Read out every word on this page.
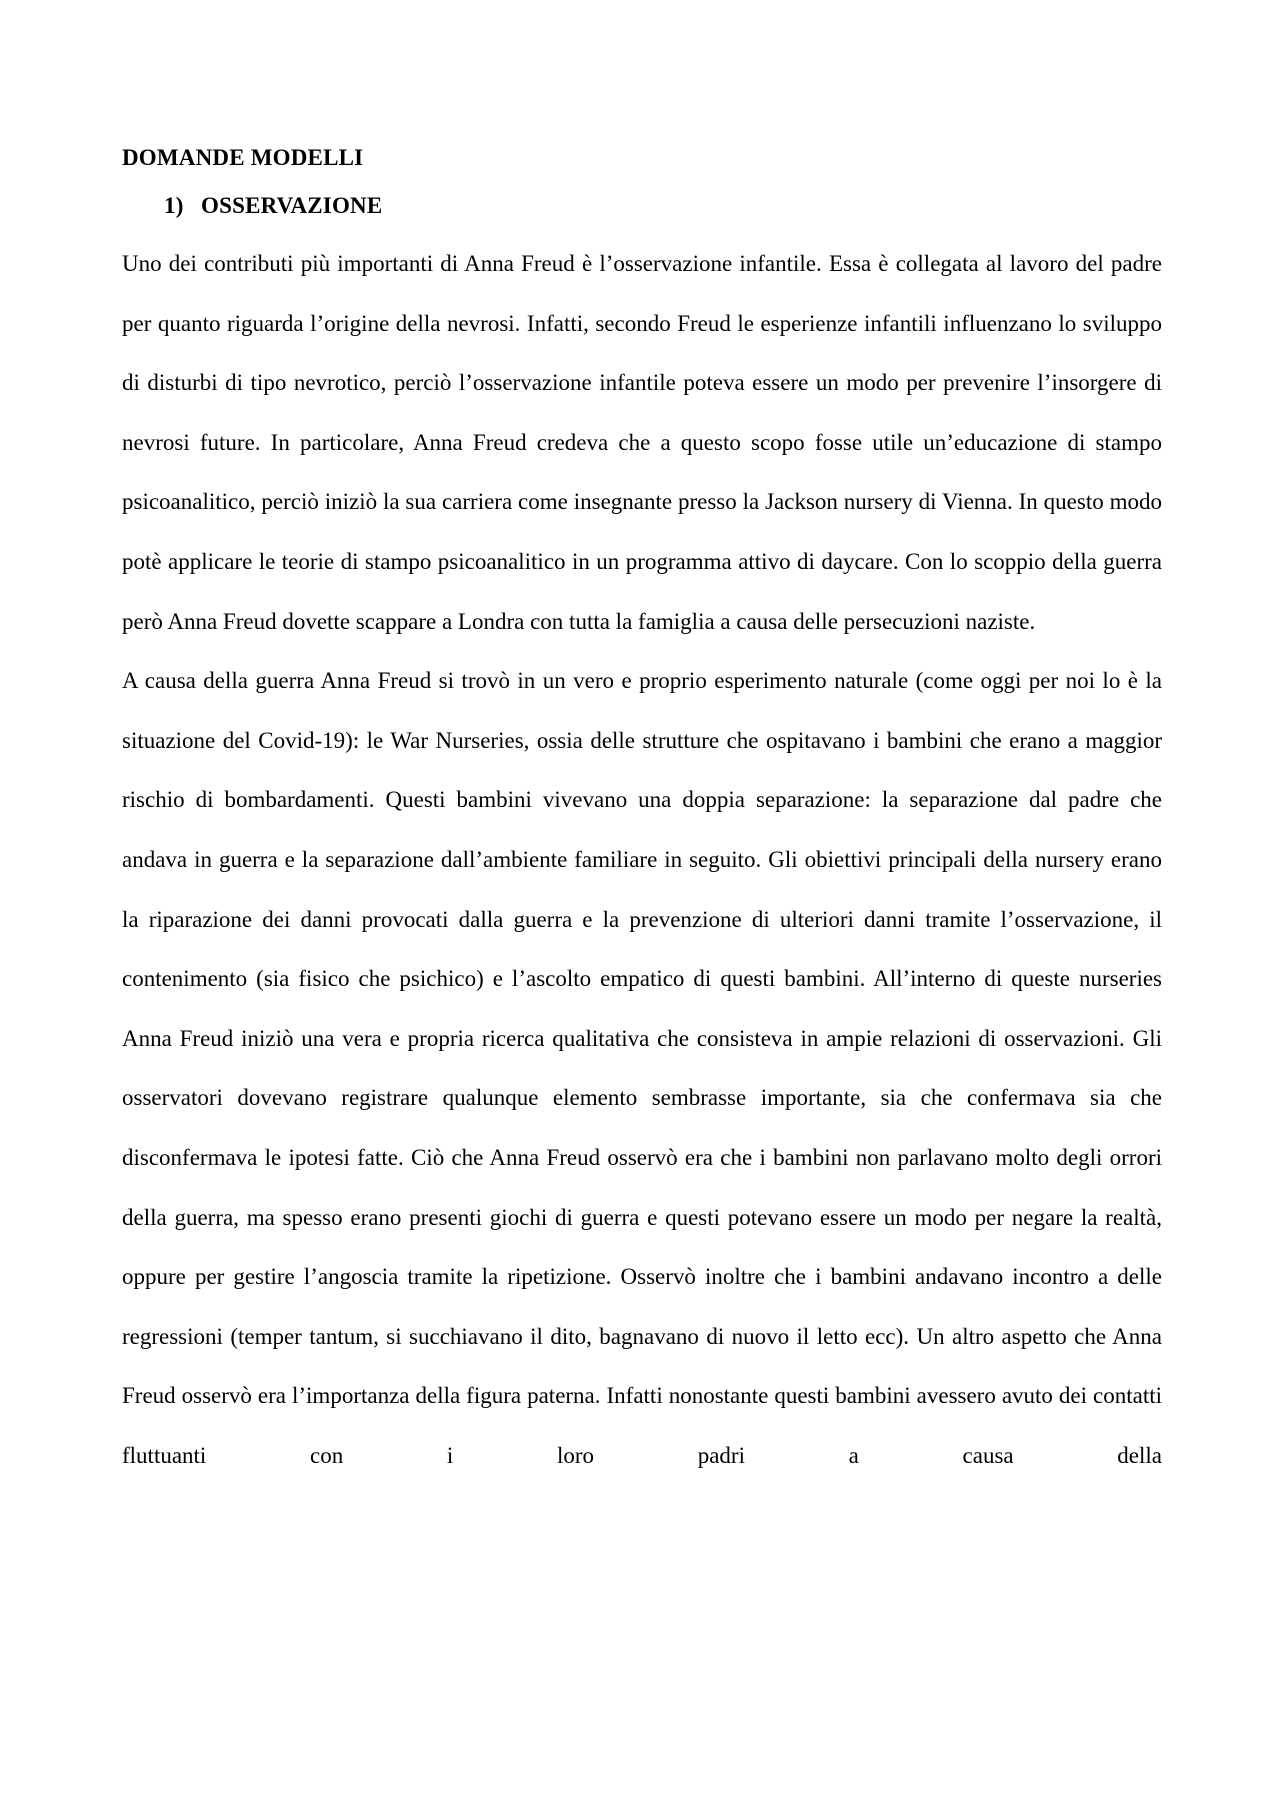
DOMANDE MODELLI
1) OSSERVAZIONE

Uno dei contributi più importanti di Anna Freud è l’osservazione infantile. Essa è collegata al lavoro del padre per quanto riguarda l’origine della nevrosi. Infatti, secondo Freud le esperienze infantili influenzano lo sviluppo di disturbi di tipo nevrotico, perciò l’osservazione infantile poteva essere un modo per prevenire l’insorgere di nevrosi future. In particolare, Anna Freud credeva che a questo scopo fosse utile un’educazione di stampo psicoanalitico, perciò iniziò la sua carriera come insegnante presso la Jackson nursery di Vienna. In questo modo potè applicare le teorie di stampo psicoanalitico in un programma attivo di daycare. Con lo scoppio della guerra però Anna Freud dovette scappare a Londra con tutta la famiglia a causa delle persecuzioni naziste.

A causa della guerra Anna Freud si trovò in un vero e proprio esperimento naturale (come oggi per noi lo è la situazione del Covid-19): le War Nurseries, ossia delle strutture che ospitavano i bambini che erano a maggior rischio di bombardamenti. Questi bambini vivevano una doppia separazione: la separazione dal padre che andava in guerra e la separazione dall’ambiente familiare in seguito. Gli obiettivi principali della nursery erano la riparazione dei danni provocati dalla guerra e la prevenzione di ulteriori danni tramite l’osservazione, il contenimento (sia fisico che psichico) e l’ascolto empatico di questi bambini. All’interno di queste nurseries Anna Freud iniziò una vera e propria ricerca qualitativa che consisteva in ampie relazioni di osservazioni. Gli osservatori dovevano registrare qualunque elemento sembrasse importante, sia che confermava sia che disconfermava le ipotesi fatte. Ciò che Anna Freud osservò era che i bambini non parlavano molto degli orrori della guerra, ma spesso erano presenti giochi di guerra e questi potevano essere un modo per negare la realtà, oppure per gestire l’angoscia tramite la ripetizione. Osservò inoltre che i bambini andavano incontro a delle regressioni (temper tantum, si succhiavano il dito, bagnavano di nuovo il letto ecc). Un altro aspetto che Anna Freud osservò era l’importanza della figura paterna. Infatti nonostante questi bambini avessero avuto dei contatti fluttuanti con i loro padri a causa della
